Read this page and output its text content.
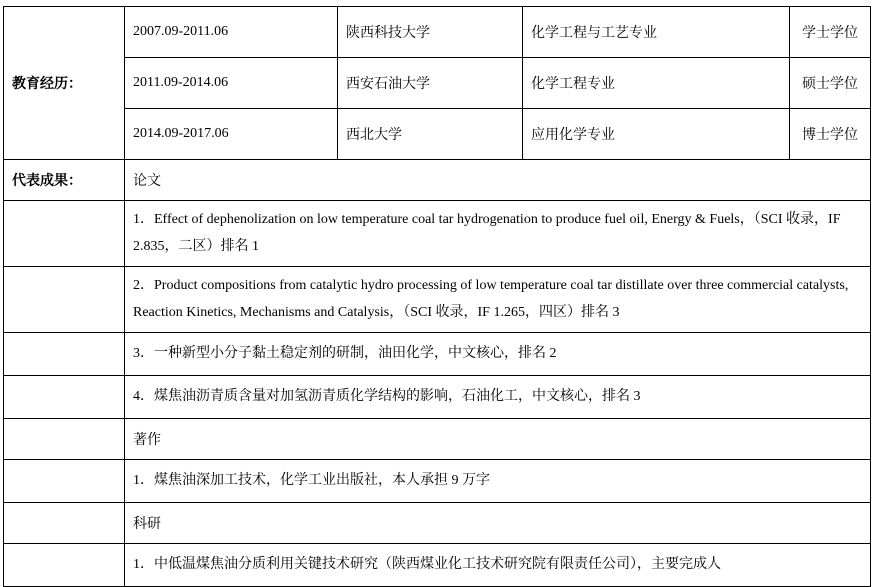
教育经历：	2007.09-2011.06	陕西科技大学	化学工程与工艺专业	学士学位
	2011.09-2014.06	西安石油大学	化学工程专业	硕士学位
	2014.09-2017.06	西北大学	应用化学专业	博士学位
代表成果：	论文			
	1．Effect of dephenolization on low temperature coal tar hydrogenation to produce fuel oil, Energy & Fuels，（SCI 收录，IF 2.835，二区）排名 1			
	2．Product compositions from catalytic hydro processing of low temperature coal tar distillate over three commercial catalysts, Reaction Kinetics, Mechanisms and Catalysis，（SCI 收录，IF 1.265，四区）排名 3			
	3．一种新型小分子黏土稳定剂的研制，油田化学，中文核心，排名 2			
	4．煤焦油沥青质含量对加氢沥青质化学结构的影响，石油化工，中文核心，排名 3			
	著作			
	1．煤焦油深加工技术，化学工业出版社，本人承担 9 万字			
	科研			
	1．中低温煤焦油分质利用关键技术研究（陕西煤业化工技术研究院有限责任公司），主要完成人			
